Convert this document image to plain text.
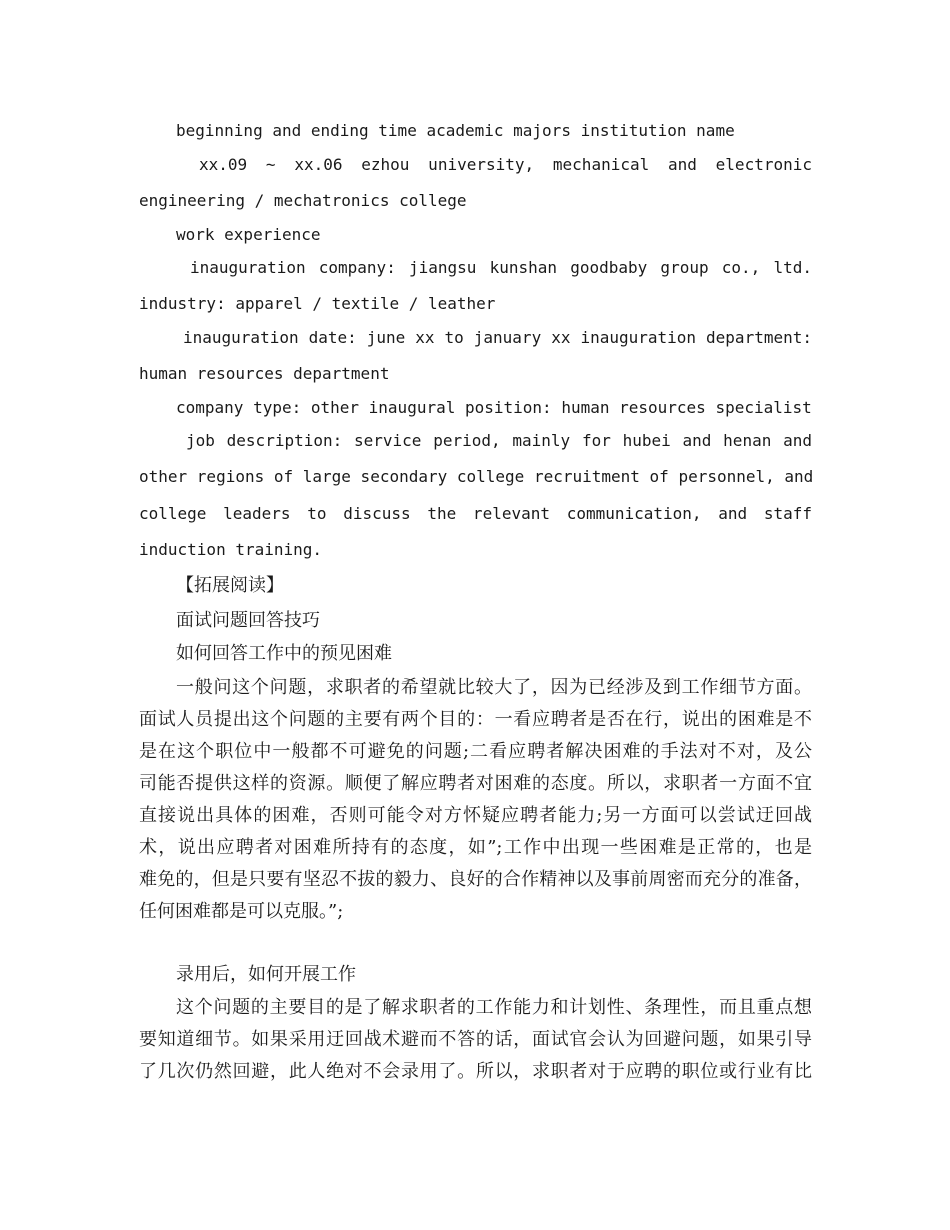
beginning and ending time academic majors institution name
xx.09 ~ xx.06 ezhou university, mechanical and electronic
engineering / mechatronics college
work experience
inauguration company: jiangsu kunshan goodbaby group co., ltd.
industry: apparel / textile / leather
inauguration date: june xx to january xx inauguration department:
human resources department
company type: other inaugural position: human resources specialist
job description: service period, mainly for hubei and henan and
other regions of large secondary college recruitment of personnel, and
college leaders to discuss the relevant communication, and staff
induction training.
【拓展阅读】
面试问题回答技巧
如何回答工作中的预见困难
一般问这个问题，求职者的希望就比较大了，因为已经涉及到工作细节方面。
面试人员提出这个问题的主要有两个目的：一看应聘者是否在行，说出的困难是不
是在这个职位中一般都不可避免的问题;二看应聘者解决困难的手法对不对，及公
司能否提供这样的资源。顺便了解应聘者对困难的态度。所以，求职者一方面不宜
直接说出具体的困难，否则可能令对方怀疑应聘者能力;另一方面可以尝试迂回战
术，说出应聘者对困难所持有的态度，如”;工作中出现一些困难是正常的，也是
难免的，但是只要有坚忍不拔的毅力、良好的合作精神以及事前周密而充分的准备，
任何困难都是可以克服。”;
录用后，如何开展工作
这个问题的主要目的是了解求职者的工作能力和计划性、条理性，而且重点想
要知道细节。如果采用迂回战术避而不答的话，面试官会认为回避问题，如果引导
了几次仍然回避，此人绝对不会录用了。所以，求职者对于应聘的职位或行业有比
